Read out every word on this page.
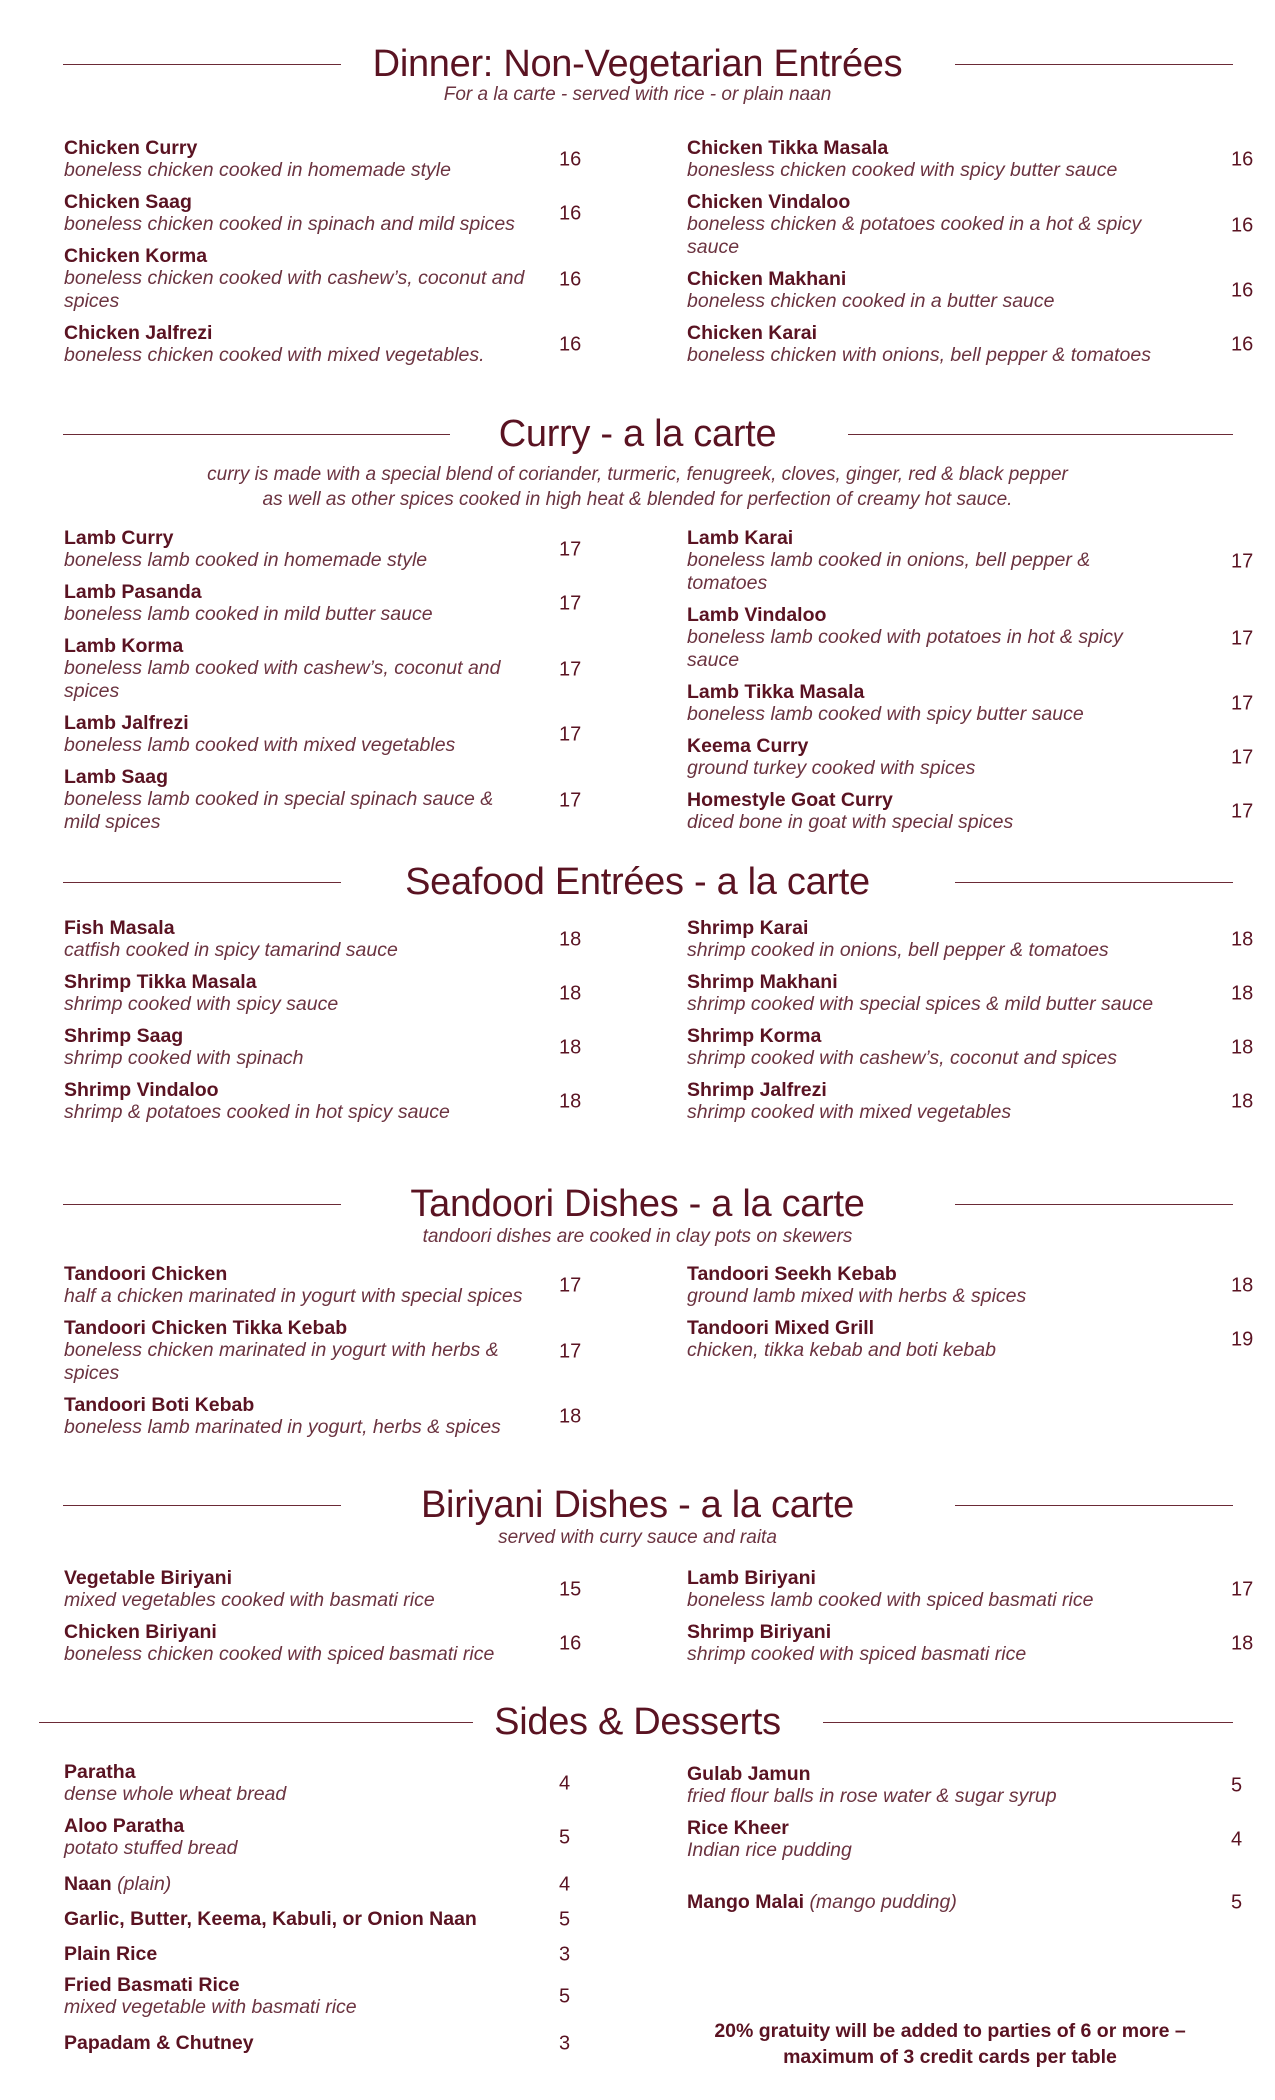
Dinner: Non-Vegetarian Entrées
For a la carte - served with rice - or plain naan
Chicken Curry
boneless chicken cooked in homemade style	16
Chicken Saag
boneless chicken cooked in spinach and mild spices	16
Chicken Korma
boneless chicken cooked with cashew’s, coconut and spices
16
Chicken Jalfrezi
boneless chicken cooked with mixed vegetables.	16
Chicken Tikka Masala
bonesless chicken cooked with spicy butter sauce	16
Chicken Vindaloo
boneless chicken & potatoes cooked in a hot & spicy sauce
16
Chicken Makhani
boneless chicken cooked in a butter sauce	16
Chicken Karai
boneless chicken with onions, bell pepper & tomatoes	16
Curry - a la carte
curry is made with a special blend of coriander, turmeric, fenugreek, cloves, ginger, red & black pepper
as well as other spices cooked in high heat & blended for perfection of creamy hot sauce.
Lamb Curry
boneless lamb cooked in homemade style	17
Lamb Pasanda
boneless lamb cooked in mild butter sauce	17
Lamb Korma
boneless lamb cooked with cashew’s, coconut and spices
17
Lamb Jalfrezi
boneless lamb cooked with mixed vegetables	17
Lamb Saag
boneless lamb cooked in special spinach sauce & mild spices
17
Lamb Karai
boneless lamb cooked in onions, bell pepper & tomatoes
17
Lamb Vindaloo
boneless lamb cooked with potatoes in hot & spicy sauce
17
Lamb Tikka Masala
boneless lamb cooked with spicy butter sauce	17
Keema Curry
ground turkey cooked with spices	17
Homestyle Goat Curry
diced bone in goat with special spices	17
Seafood Entrées - a la carte
Fish Masala
catfish cooked in spicy tamarind sauce	18
Shrimp Tikka Masala
shrimp cooked with spicy sauce	18
Shrimp Saag
shrimp cooked with spinach	18
Shrimp Vindaloo
shrimp & potatoes cooked in hot spicy sauce	18
Shrimp Karai
shrimp cooked in onions, bell pepper & tomatoes	18
Shrimp Makhani
shrimp cooked with special spices & mild butter sauce	18
Shrimp Korma
shrimp cooked with cashew’s, coconut and spices	18
Shrimp Jalfrezi
shrimp cooked with mixed vegetables	18
Tandoori Dishes - a la carte
tandoori dishes are cooked in clay pots on skewers
Tandoori Chicken
half a chicken marinated in yogurt with special spices	17
Tandoori Chicken Tikka Kebab
boneless chicken marinated in yogurt with herbs & spices
17
Tandoori Boti Kebab
boneless lamb marinated in yogurt, herbs & spices	18
Tandoori Seekh Kebab
ground lamb mixed with herbs & spices	18
Tandoori Mixed Grill
chicken, tikka kebab and boti kebab	19
Biriyani Dishes - a la carte
served with curry sauce and raita
Vegetable Biriyani
mixed vegetables cooked with basmati rice	15
Chicken Biriyani
boneless chicken cooked with spiced basmati rice	16
Lamb Biriyani
boneless lamb cooked with spiced basmati rice	17
Shrimp Biriyani
shrimp cooked with spiced basmati rice	18
Sides & Desserts
Paratha
dense whole wheat bread	4
Aloo Paratha
potato stuffed bread	5
Naan (plain)	4
Garlic, Butter, Keema, Kabuli, or Onion Naan	5
Plain Rice	3
Fried Basmati Rice
mixed vegetable with basmati rice	5
Papadam & Chutney	3
Gulab Jamun
fried flour balls in rose water & sugar syrup	5
Rice Kheer
Indian rice pudding	4
Mango Malai (mango pudding)	5
20% gratuity will be added to parties of 6 or more –
maximum of 3 credit cards per table
